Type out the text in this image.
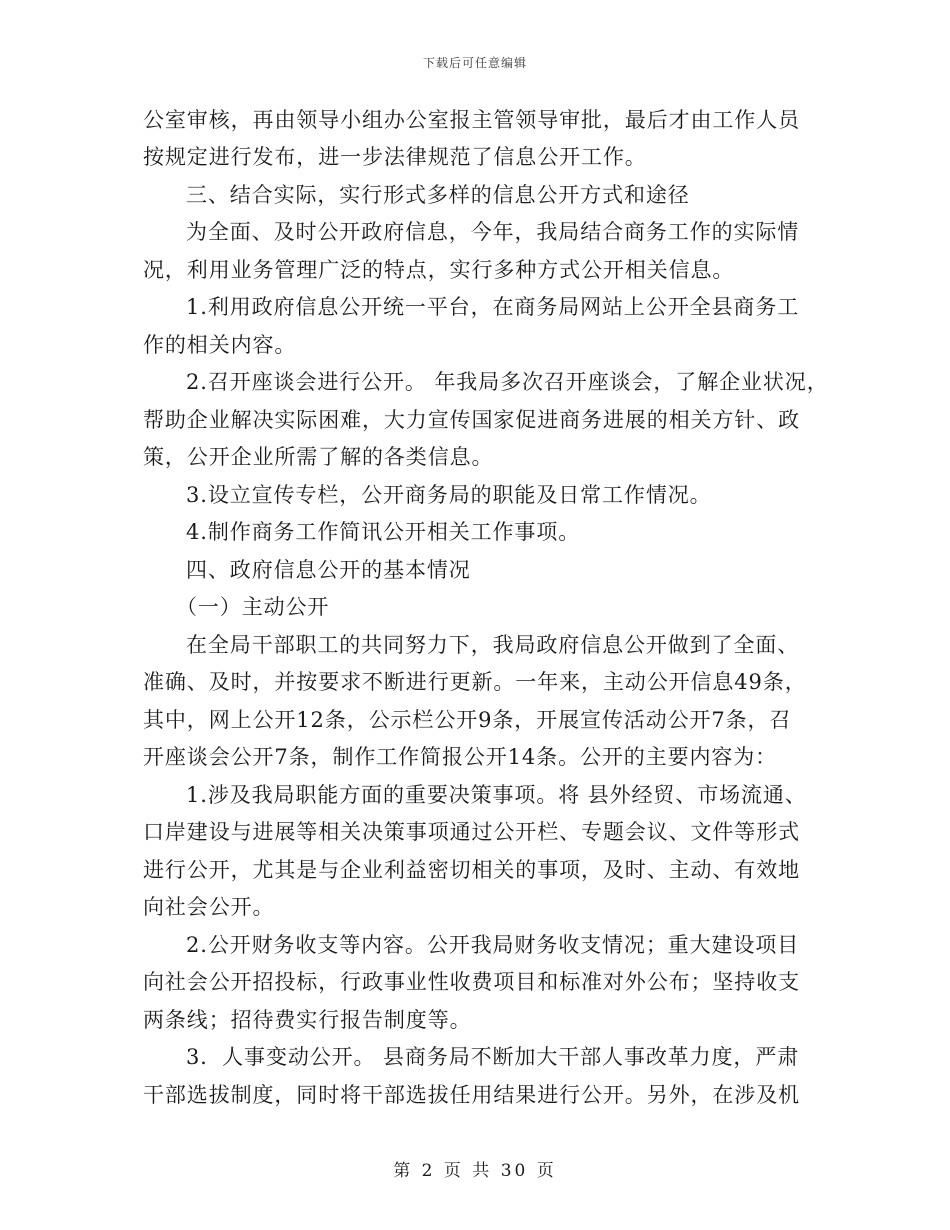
下载后可任意编辑
公室审核，再由领导小组办公室报主管领导审批，最后才由工作人员
按规定进行发布，进一步法律规范了信息公开工作。
三、结合实际，实行形式多样的信息公开方式和途径
为全面、及时公开政府信息，今年，我局结合商务工作的实际情
况，利用业务管理广泛的特点，实行多种方式公开相关信息。
1.利用政府信息公开统一平台，在商务局网站上公开全县商务工
作的相关内容。
2.召开座谈会进行公开。 年我局多次召开座谈会，了解企业状况，
帮助企业解决实际困难，大力宣传国家促进商务进展的相关方针、政
策，公开企业所需了解的各类信息。
3.设立宣传专栏，公开商务局的职能及日常工作情况。
4.制作商务工作简讯公开相关工作事项。
四、政府信息公开的基本情况
（一）主动公开
在全局干部职工的共同努力下，我局政府信息公开做到了全面、
准确、及时，并按要求不断进行更新。一年来，主动公开信息49条，
其中，网上公开12条，公示栏公开9条，开展宣传活动公开7条，召
开座谈会公开7条，制作工作简报公开14条。公开的主要内容为：
1.涉及我局职能方面的重要决策事项。将 县外经贸、市场流通、
口岸建设与进展等相关决策事项通过公开栏、专题会议、文件等形式
进行公开，尤其是与企业利益密切相关的事项，及时、主动、有效地
向社会公开。
2.公开财务收支等内容。公开我局财务收支情况；重大建设项目
向社会公开招投标，行政事业性收费项目和标准对外公布；坚持收支
两条线；招待费实行报告制度等。
3．人事变动公开。 县商务局不断加大干部人事改革力度，严肃
干部选拔制度，同时将干部选拔任用结果进行公开。另外，在涉及机
第 2 页 共 30 页
